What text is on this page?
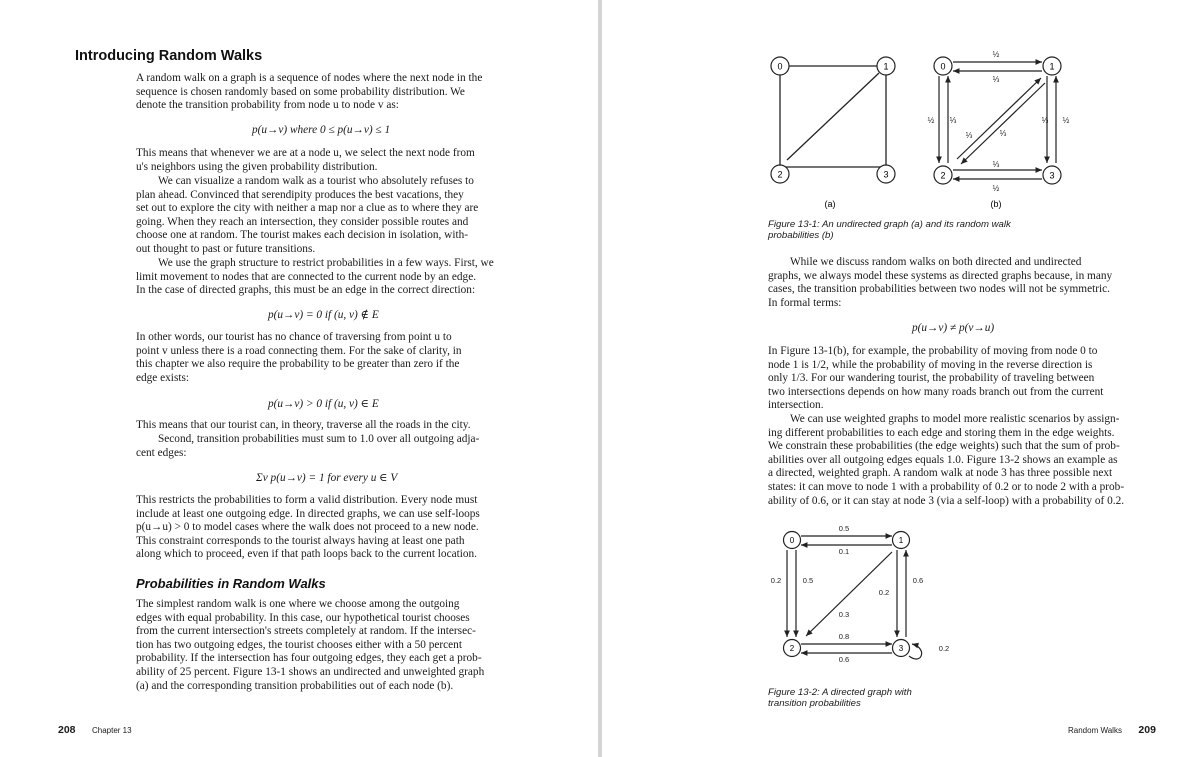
Introducing Random Walks

A random walk on a graph is a sequence of nodes where the next node in the
sequence is chosen randomly based on some probability distribution. We
denote the transition probability from node u to node v as:

p(u→v) where 0 ≤ p(u→v) ≤ 1

This means that whenever we are at a node u, we select the next node from
u's neighbors using the given probability distribution.

We can visualize a random walk as a tourist who absolutely refuses to
plan ahead. Convinced that serendipity produces the best vacations, they
set out to explore the city with neither a map nor a clue as to where they are
going. When they reach an intersection, they consider possible routes and
choose one at random. The tourist makes each decision in isolation, with-
out thought to past or future transitions.

We use the graph structure to restrict probabilities in a few ways. First, we
limit movement to nodes that are connected to the current node by an edge.
In the case of directed graphs, this must be an edge in the correct direction:

p(u→v) = 0 if (u, v) ∉ E

In other words, our tourist has no chance of traversing from point u to
point v unless there is a road connecting them. For the sake of clarity, in
this chapter we also require the probability to be greater than zero if the
edge exists:

p(u→v) > 0 if (u, v) ∈ E

This means that our tourist can, in theory, traverse all the roads in the city.

Second, transition probabilities must sum to 1.0 over all outgoing adja-
cent edges:

Σv p(u→v) = 1 for every u ∈ V

This restricts the probabilities to form a valid distribution. Every node must
include at least one outgoing edge. In directed graphs, we can use self-loops
p(u→u) > 0 to model cases where the walk does not proceed to a new node.
This constraint corresponds to the tourist always having at least one path
along which to proceed, even if that path loops back to the current location.

Probabilities in Random Walks

The simplest random walk is one where we choose among the outgoing
edges with equal probability. In this case, our hypothetical tourist chooses
from the current intersection's streets completely at random. If the intersec-
tion has two outgoing edges, the tourist chooses either with a 50 percent
probability. If the intersection has four outgoing edges, they each get a prob-
ability of 25 percent. Figure 13-1 shows an undirected and unweighted graph
(a) and the corresponding transition probabilities out of each node (b).

208 Chapter 13
0	1
2	3
(a)
0	1
2	3
½
⅓
½ ⅓
⅓	⅓
⅓ ½
⅓
½
(b)
Figure 13-1: An undirected graph (a) and its random walk
probabilities (b)

While we discuss random walks on both directed and undirected
graphs, we always model these systems as directed graphs because, in many
cases, the transition probabilities between two nodes will not be symmetric.
In formal terms:

p(u→v) ≠ p(v→u)

In Figure 13-1(b), for example, the probability of moving from node 0 to
node 1 is 1/2, while the probability of moving in the reverse direction is
only 1/3. For our wandering tourist, the probability of traveling between
two intersections depends on how many roads branch out from the current
intersection.

We can use weighted graphs to model more realistic scenarios by assign-
ing different probabilities to each edge and storing them in the edge weights.
We constrain these probabilities (the edge weights) such that the sum of prob-
abilities over all outgoing edges equals 1.0. Figure 13-2 shows an example as
a directed, weighted graph. A random walk at node 3 has three possible next
states: it can move to node 1 with a probability of 0.2 or to node 2 with a prob-
ability of 0.6, or it can stay at node 3 (via a self-loop) with a probability of 0.2.

0	1
2	3
0.5
0.1
0.2	0.5
0.2
0.6
0.3
0.8
0.6
0.2
Figure 13-2: A directed graph with
transition probabilities
Random Walks 209
